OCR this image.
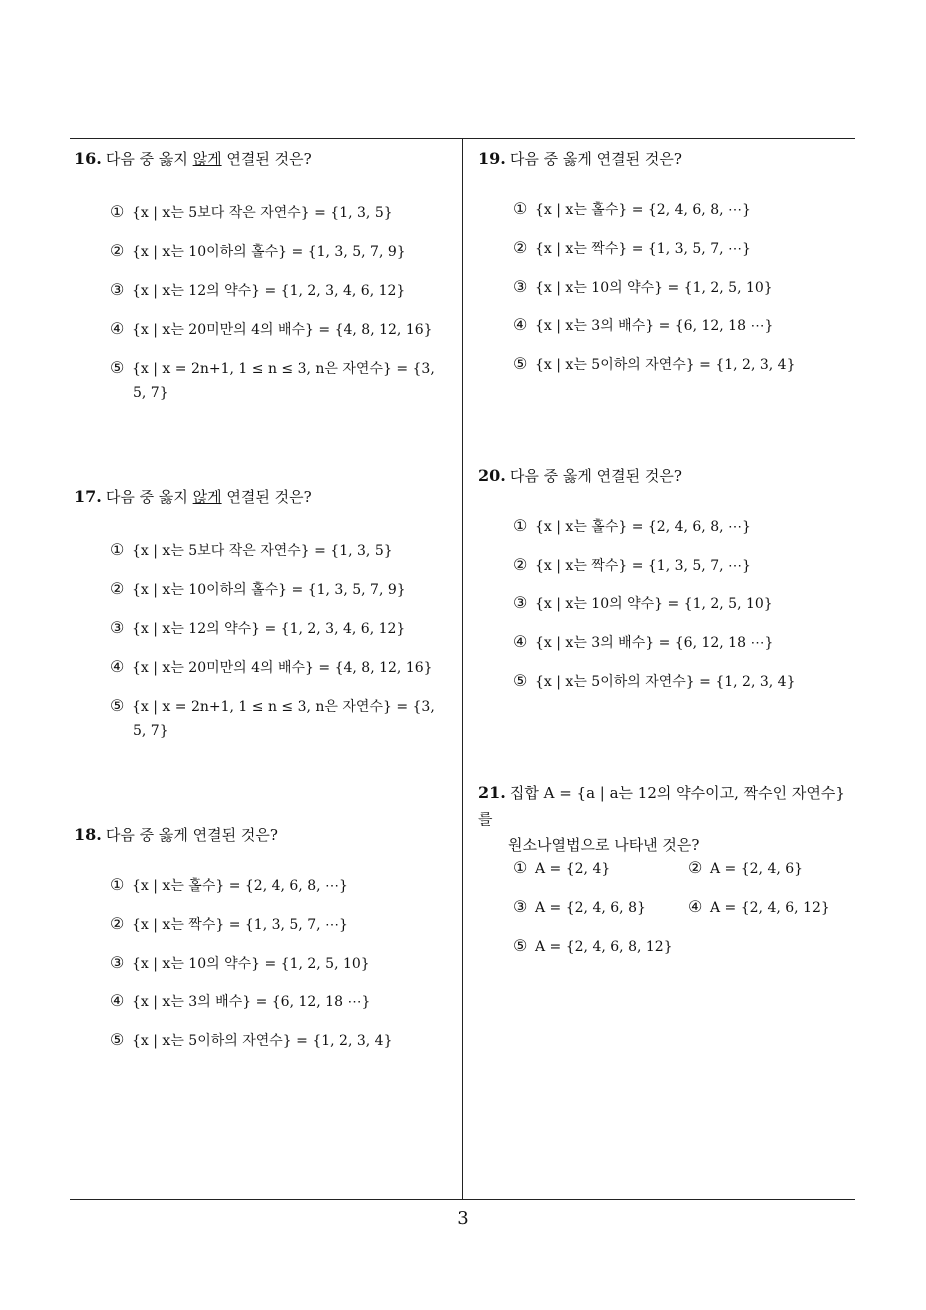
16. 다음 중 옳지 않게 연결된 것은?
① {x | x는 5보다 작은 자연수} = {1, 3, 5}
② {x | x는 10이하의 홀수} = {1, 3, 5, 7, 9}
③ {x | x는 12의 약수} = {1, 2, 3, 4, 6, 12}
④ {x | x는 20미만의 4의 배수} = {4, 8, 12, 16}
⑤ {x | x = 2n+1, 1 ≤ n ≤ 3, n은 자연수} = {3,
5, 7}
17. 다음 중 옳지 않게 연결된 것은?
① {x | x는 5보다 작은 자연수} = {1, 3, 5}
② {x | x는 10이하의 홀수} = {1, 3, 5, 7, 9}
③ {x | x는 12의 약수} = {1, 2, 3, 4, 6, 12}
④ {x | x는 20미만의 4의 배수} = {4, 8, 12, 16}
⑤ {x | x = 2n+1, 1 ≤ n ≤ 3, n은 자연수} = {3,
5, 7}
18. 다음 중 옳게 연결된 것은?
① {x | x는 홀수} = {2, 4, 6, 8, ⋯}
② {x | x는 짝수} = {1, 3, 5, 7, ⋯}
③ {x | x는 10의 약수} = {1, 2, 5, 10}
④ {x | x는 3의 배수} = {6, 12, 18 ⋯}
⑤ {x | x는 5이하의 자연수} = {1, 2, 3, 4}
19. 다음 중 옳게 연결된 것은?
① {x | x는 홀수} = {2, 4, 6, 8, ⋯}
② {x | x는 짝수} = {1, 3, 5, 7, ⋯}
③ {x | x는 10의 약수} = {1, 2, 5, 10}
④ {x | x는 3의 배수} = {6, 12, 18 ⋯}
⑤ {x | x는 5이하의 자연수} = {1, 2, 3, 4}
20. 다음 중 옳게 연결된 것은?
① {x | x는 홀수} = {2, 4, 6, 8, ⋯}
② {x | x는 짝수} = {1, 3, 5, 7, ⋯}
③ {x | x는 10의 약수} = {1, 2, 5, 10}
④ {x | x는 3의 배수} = {6, 12, 18 ⋯}
⑤ {x | x는 5이하의 자연수} = {1, 2, 3, 4}
21. 집합 A = {a | a는 12의 약수이고, 짝수인 자연수}를
원소나열법으로 나타낸 것은?
① A = {2, 4}	② A = {2, 4, 6}
③ A = {2, 4, 6, 8}	④ A = {2, 4, 6, 12}
⑤ A = {2, 4, 6, 8, 12}
3
